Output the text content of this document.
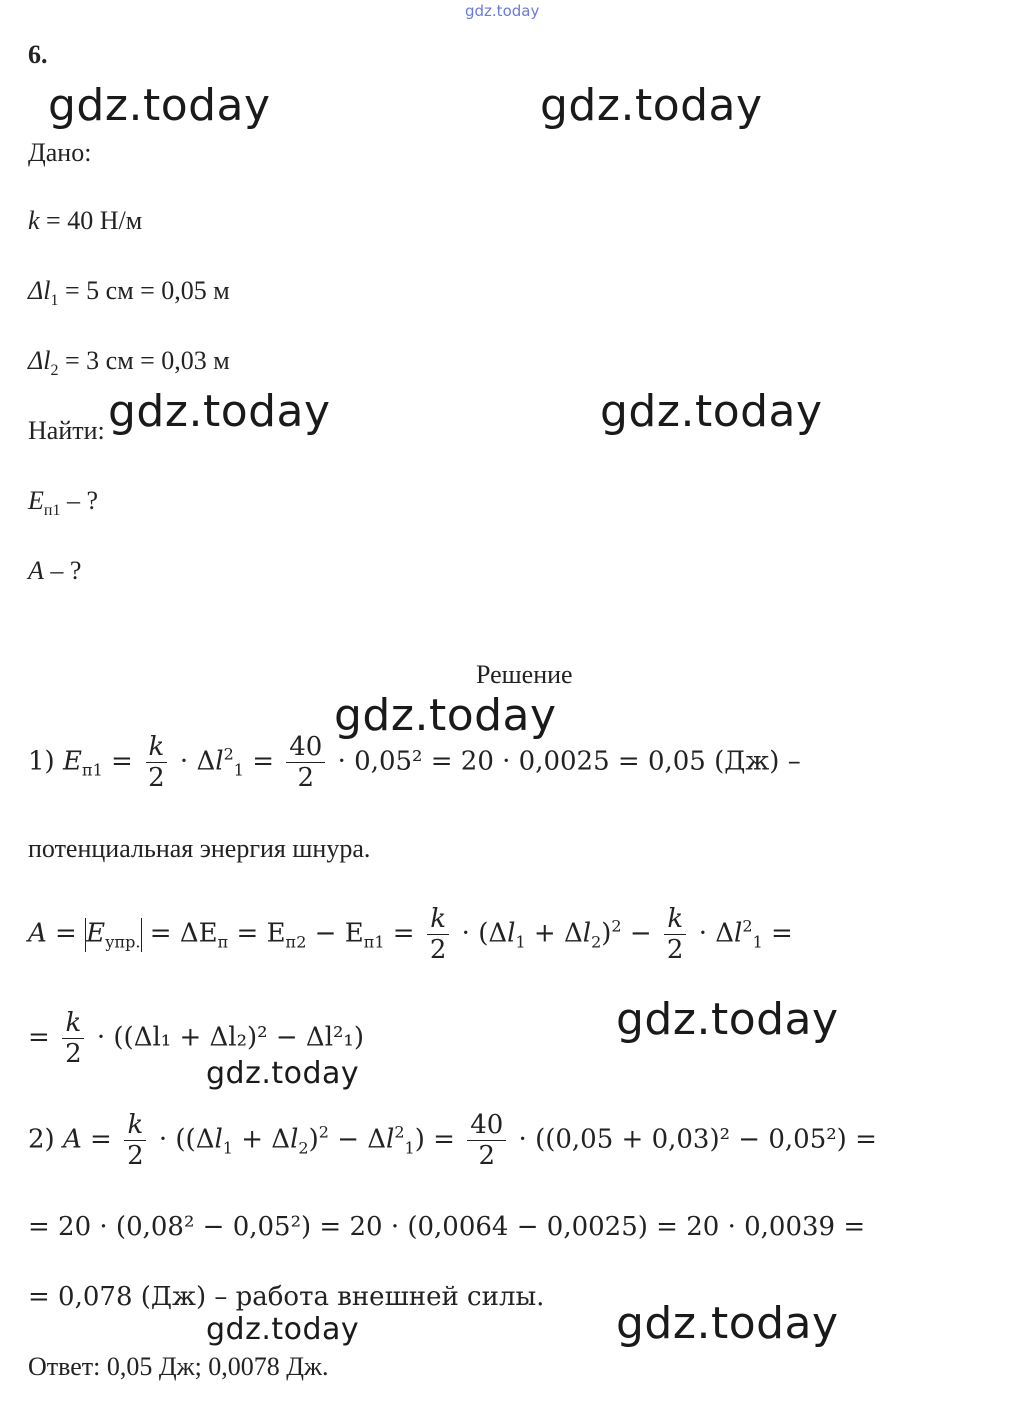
gdz.today
gdz.today	gdz.today
gdz.today	gdz.today
gdz.today
gdz.today
gdz.today
gdz.today
gdz.today
6.
Дано:
k = 40 Н/м
$\Delta l_1 = 5$ см = 0,05 м
$\Delta l_2 = 3$ см = 0,03 м
Найти:
$E_{п1}$ – ?
A – ?
Решение
1) $E_{п1} = \frac{k}{2} \cdot \Delta l^2_1 = \frac{40}{2} \cdot 0,05^2 = 20 \cdot 0,0025 = 0,05$ (Дж) –
потенциальная энергия шнура.
$A = E_{упр.} = \Delta E_п = E_{п2} - E_{п1} = \frac{k}{2} \cdot (\Delta l_1 + \Delta l_2)^2 - \frac{k}{2} \cdot \Delta l^2_1$ =
= $\frac{k}{2} \cdot ((\Delta l_1 + \Delta l_2)^2 - \Delta l^2_1)$
2) $A = \frac{k}{2} \cdot ((\Delta l_1 + \Delta l_2)^2 - \Delta l^2_1) = \frac{40}{2} \cdot ((0,05 + 0,03)^2 - 0,05^2)$ =
= 20 · (0,08² − 0,05²) = 20 · (0,0064 − 0,0025) = 20 · 0,0039 =
= 0,078 (Дж) – работа внешней силы.
Ответ: 0,05 Дж; 0,0078 Дж.
